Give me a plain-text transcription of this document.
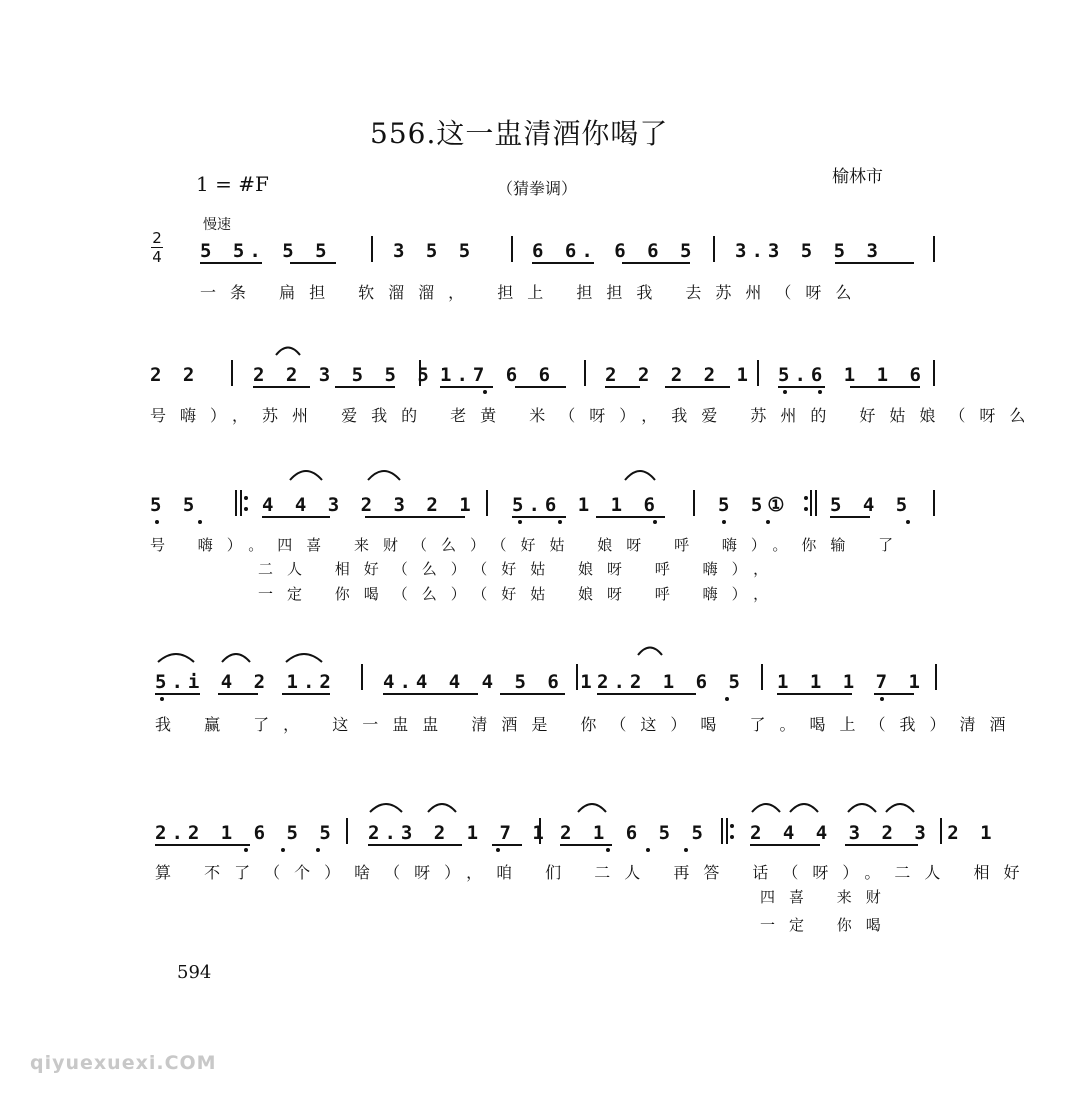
556.这一盅清酒你喝了
1 = #F	（猜拳调）
榆林市
慢速
2
4 5 5. 5 5	3 5 5	6 6. 6 6 5 3.3 5 5 3
一条 扁担 软溜溜， 担上 担担我 去苏州（呀么
2 2	2 2 3 5 5 5 1.7 6 6	2 2 2 2 1 5.6 1 1 6
号嗨），苏州 爱我的 老黄 米（呀），我爱 苏州的 好姑娘（呀么
5 5	4 4 3 2 3 2 1 5.6 1 1 6	5 5① 5 4 5
号 嗨）。四喜 来财（么）（好姑 娘呀 呼 嗨）。你输 了
二人 相好（么）（好姑 娘呀 呼 嗨），
一定 你喝（么）（好姑 娘呀 呼 嗨），
5.i 4 2 1.2 4.4 4 4 5 6 1 2.2 1 6 5 1 1 1 7 1
我 赢 了， 这一盅盅 清酒是 你（这）喝 了。喝上（我）清酒
2.2 1 6 5 5 2.3 2 1 7 1 2 1 6 5 5 2 4 4 3 2 3 2 1
算 不了（个）啥（呀），咱 们 二人 再答 话（呀）。二人 相好
四喜 来财
一定 你喝
594
qiyuexuexi.COM
